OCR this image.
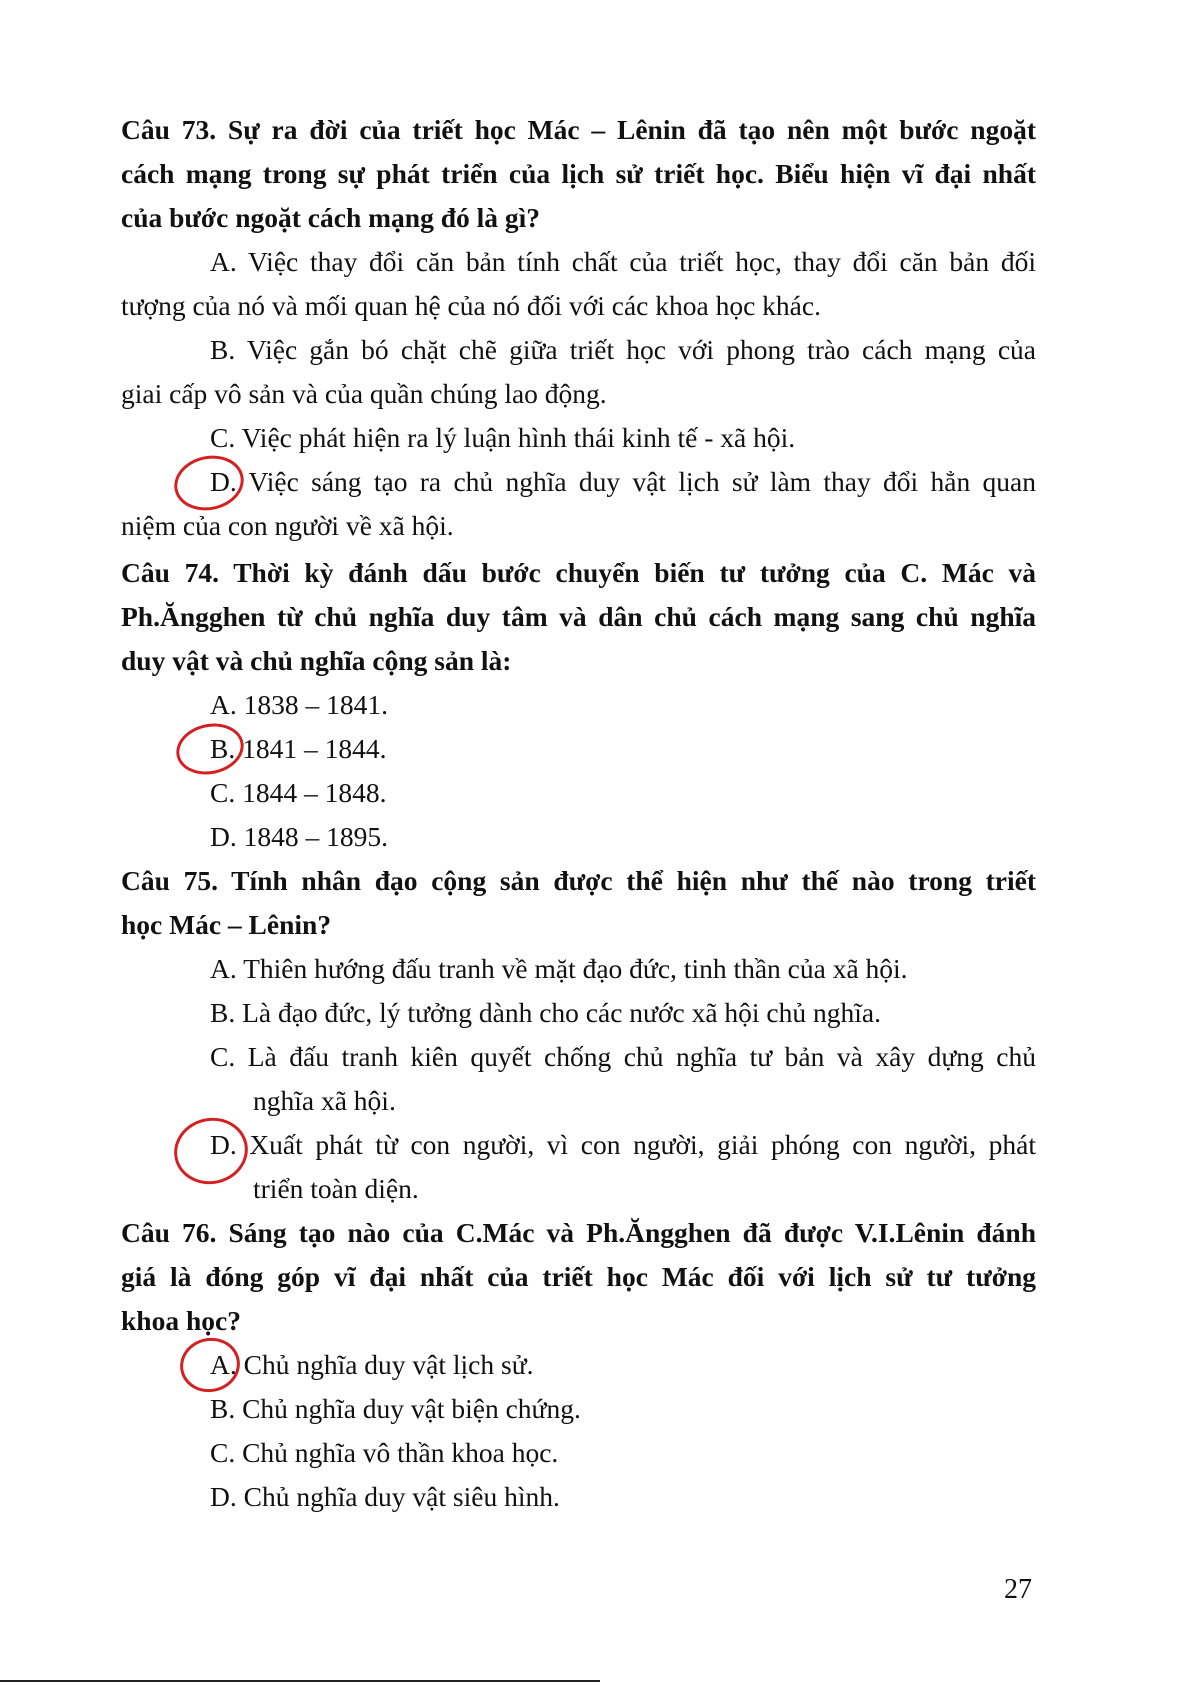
Câu 73. Sự ra đời của triết học Mác – Lênin đã tạo nên một bước ngoặt
cách mạng trong sự phát triển của lịch sử triết học. Biểu hiện vĩ đại nhất
của bước ngoặt cách mạng đó là gì?
A. Việc thay đổi căn bản tính chất của triết học, thay đổi căn bản đối
tượng của nó và mối quan hệ của nó đối với các khoa học khác.
B. Việc gắn bó chặt chẽ giữa triết học với phong trào cách mạng của
giai cấp vô sản và của quần chúng lao động.
C. Việc phát hiện ra lý luận hình thái kinh tế - xã hội.
D. Việc sáng tạo ra chủ nghĩa duy vật lịch sử làm thay đổi hẳn quan
niệm của con người về xã hội.
Câu 74. Thời kỳ đánh dấu bước chuyển biến tư tưởng của C. Mác và
Ph.Ăngghen từ chủ nghĩa duy tâm và dân chủ cách mạng sang chủ nghĩa
duy vật và chủ nghĩa cộng sản là:
A. 1838 – 1841.
B. 1841 – 1844.
C. 1844 – 1848.
D. 1848 – 1895.
Câu 75. Tính nhân đạo cộng sản được thể hiện như thế nào trong triết
học Mác – Lênin?
A. Thiên hướng đấu tranh về mặt đạo đức, tinh thần của xã hội.
B. Là đạo đức, lý tưởng dành cho các nước xã hội chủ nghĩa.
C. Là đấu tranh kiên quyết chống chủ nghĩa tư bản và xây dựng chủ
nghĩa xã hội.
D. Xuất phát từ con người, vì con người, giải phóng con người, phát
triển toàn diện.
Câu 76. Sáng tạo nào của C.Mác và Ph.Ăngghen đã được V.I.Lênin đánh
giá là đóng góp vĩ đại nhất của triết học Mác đối với lịch sử tư tưởng
khoa học?
A. Chủ nghĩa duy vật lịch sử.
B. Chủ nghĩa duy vật biện chứng.
C. Chủ nghĩa vô thần khoa học.
D. Chủ nghĩa duy vật siêu hình.
27
